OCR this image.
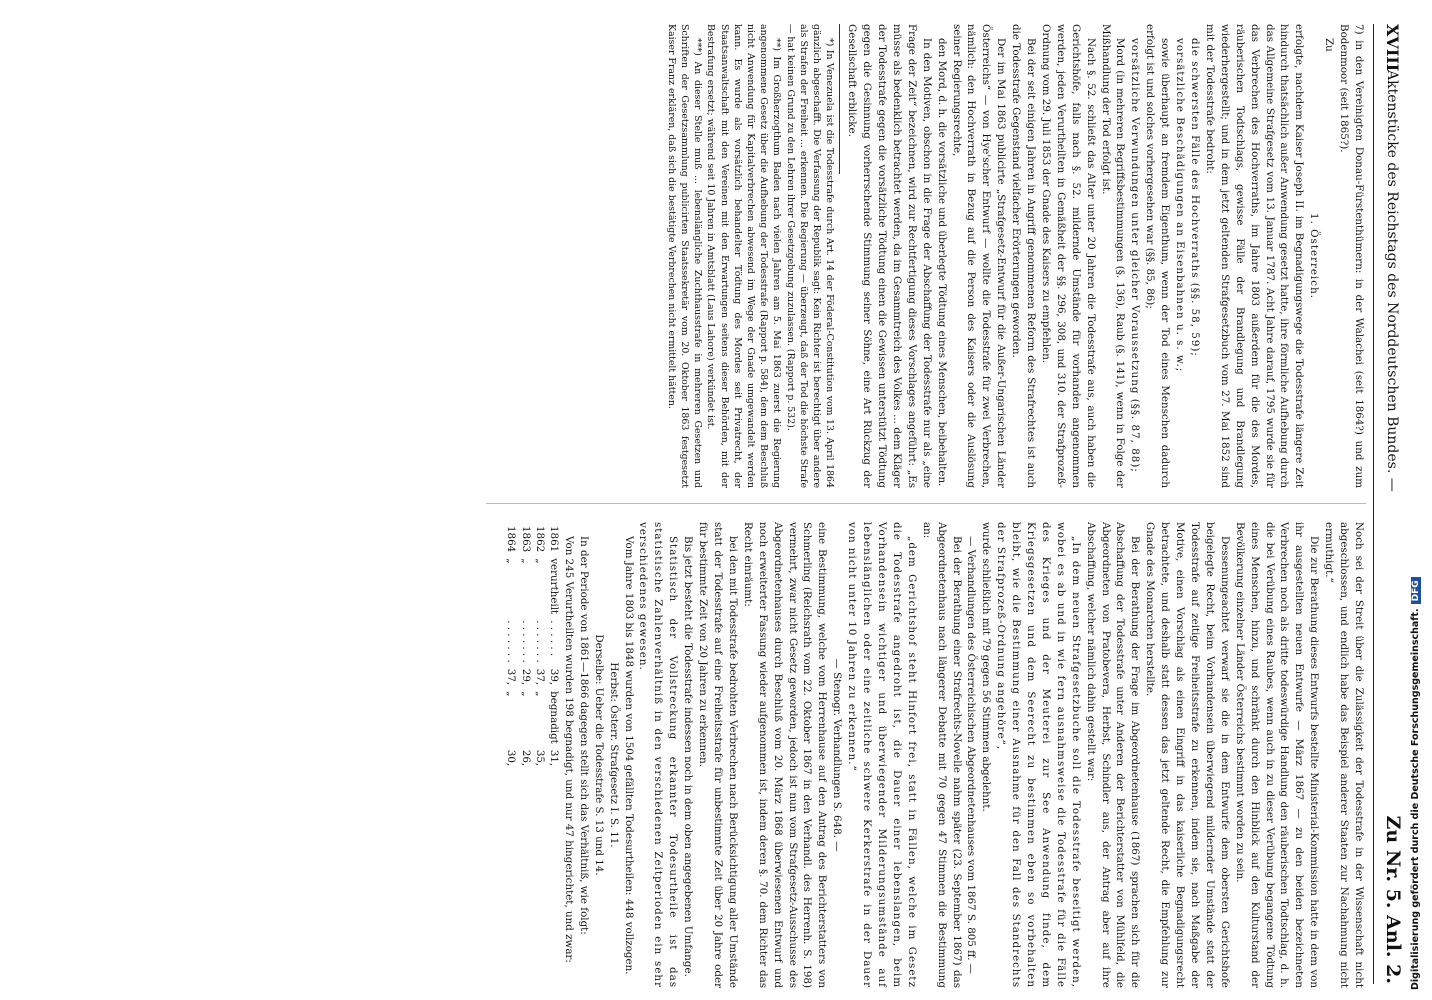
XVIII
Aktenstücke des Reichstags des Norddeutschen Bundes. —
Zu Nr. 5. Anl. 2.

7) in den Vereinigten Donau-Fürstenthümern: in der Walachei (seit 1864?) und zum Bodenmoor (seit 1865?).

Zu

1. Österreich.

erfolgte, nachdem Kaiser Joseph II. im Begnadigungswege die Todesstrafe längere Zeit hindurch thatsächlich außer Anwendung gesetzt hatte, ihre förmliche Aufhebung durch das Allgemeine Strafgesetz vom 13. Januar 1787. Acht Jahre darauf, 1795 wurde sie für das Verbrechen des Hochverraths, im Jahre 1803 außerdem für die des Mordes, räuberischen Todtschlags, gewisse Fälle der Brandlegung und Brandlegung wiederhergestellt; und in dem jetzt geltenden Strafgesetzbuch vom 27. Mai 1852 sind mit der Todesstrafe bedroht:

die schwersten Fälle des Hochverraths (§§. 58, 59);

vorsätzliche Beschädigungen an Eisenbahnen u. s. w.;

sowie überhaupt an fremdem Eigenthum, wenn der Tod eines Menschen dadurch erfolgt ist und solches vorhergesehen war (§§. 85, 86);

vorsätzliche Verwundungen unter gleicher Voraussetzung (§§. 87, 88);

Mord (in mehreren Begriffsbestimmungen (§. 136), Raub (§. 141), wenn in Folge der Mißhandlung der Tod erfolgt ist.

Nach §. 52. schließt das Alter unter 20 Jahren die Todesstrafe aus, auch haben die Gerichtshöfe, falls nach §. 52. mildernde Umstände für vorhanden angenommen werden, jeden Verurtheilten in Gemäßheit der §§. 296, 308, und 310. der Strafprozeß-Ordnung vom 29. Juli 1853 der Gnade des Kaisers zu empfehlen.

Bei der seit einigen Jahren in Angriff genommenen Reform des Strafrechtes ist auch die Todesstrafe Gegenstand vielfacher Erörterungen geworden.

Der im Mai 1863 publicirte „Strafgesetz-Entwurf für die Außer-Ungarischen Länder Österreichs“ — von Hye'scher Entwurf — wollte die Todesstrafe für zwei Verbrechen, nämlich: den Hochverrath in Bezug auf die Person des Kaisers oder die Auslösung seiner Regierungsrechte,

den Mord, d. h. die vorsätzliche und überlegte Tödtung eines Menschen, beibehalten.

In den Motiven, obschon in die Frage der Abschaffung der Todesstrafe nur als „eine Frage der Zeit“ bezeichnen, wird zur Rechtfertigung dieses Vorschlages angeführt: „Es müsse als bedenklich betrachtet werden, da im Gesammtreich des Volkes ... dem Kläger der Todesstrafe gegen die vorsätzliche Tödtung einen die Gewissen unterstützt Tödtung gegen die Gesinnung vorherrschende Stimmung seiner Söhne, eine Art Rückzug der Gesellschaft erblicke.

*) In Venezuela ist die Todesstrafe durch Art. 14 der Föderal-Constitution vom 13. April 1864 gänzlich abgeschafft. Die Verfassung der Republik sagt: Kein Richter ist berechtigt über andere als Strafen der Freiheit ... erkennen. Die Regierung — überzeugt, daß der Tod die höchste Strafe — hat keinen Grund zu den Lehren ihrer Gesetzgebung zuzulassen. (Rapport p. 532).

**) Im Großherzogthum Baden nach vielen Jahren am 5. Mai 1863 zuerst die Regierung angenommene Gesetz über die Aufhebung der Todesstrafe (Rapport p. 584), dem dem Beschluß nicht Anwendung für Kapitalverbrechen abwesend im Wege der Gnade umgewandelt werden kann. Es wurde als vorsätzlich behandelter Tödtung des Mordes seit Privatrecht, der Staatsanwaltschaft mit den Vereinen mit den Erwartungen seitens dieser Behörden, mit der Bestrafung ersetzt; während seit 10 Jahren in Amtsblatt (Laus Lahore) verkündet ist.

***) An dieser Stelle muß ... lebenslängliche Zuchthausstrafe in mehreren Gesetzen und Schriften der Gesetzsammlung publicirten Staatssekretär vom 20. Oktober 1863 festgesetzt Kaiser Franz erklären, daß sich die bestätigte Verbrechen nicht ermittelt hätten.

Noch sei der Streit über die Zulässigkeit der Todesstrafe in der Wissenschaft nicht abgeschlossen, und endlich habe das Beispiel anderer Staaten zur Nachahmung nicht ermuthigt.“

Die zur Berathung dieses Entwurfs bestellte Ministerial-Kommission hatte in dem von ihr ausgestellten neuen Entwurfe — März 1867 — zu den beiden bezeichneten Verbrechen noch als dritte todeswürdige Handlung den räuberischen Todtschlag, d. h. die bei Verübung eines Raubes, wenn auch in zu dieser Verübung begangene Tödtung eines Menschen, hinzu, und schränkt durch den Hinblick auf den Kulturstand der Bevölkerung einzelner Länder Österreichs bestimmt worden zu sein.

Dessenungeachtet verwarf sie die in dem Entwurfe dem obersten Gerichtshofe beigelegte Recht, beim Vorhandensein überwiegend mildernder Umstände statt der Todesstrafe auf zeitige Freiheitsstrafe zu erkennen, indem sie, nach Maßgabe der Motive, einen Vorschlag als einen Eingriff in das kaiserliche Begnadigungsrecht betrachtete, und deshalb statt dessen das jetzt geltende Recht, die Empfehlung zur Gnade des Monarchen herstellte.

Bei der Berathung der Frage im Abgeordnetenhause (1867) sprachen sich für die Abschaffung der Todesstrafe unter Anderen der Berichterstatter von Mühlfeld, die Abgeordneten von Pratobevera, Herbst, Schindler aus, der Antrag aber auf ihre Abschaffung, welcher nämlich dahin gestellt war:

„In dem neuen Strafgesetzbuche soll die Todesstrafe beseitigt werden, wobei es ab und in wie fern ausnahmsweise die Todesstrafe für die Fälle des Krieges und der Meuterei zur See Anwendung finde, dem Kriegsgesetzen und dem Seerecht zu bestimmen eben so vorbehalten bleibt, wie die Bestimmung einer Ausnahme für den Fall des Standrechts der Strafprozeß-Ordnung angehöre“,

wurde schließlich mit 79 gegen 56 Stimmen abgelehnt.

— Verhandlungen des Österreichischen Abgeordnetenhauses vom 1867 S. 805 ff. —

Bei der Berathung einer Strafrechts-Novelle nahm später (23. September 1867) das Abgeordnetenhaus nach längerer Debatte mit 70 gegen 47 Stimmen die Bestimmung an:

„dem Gerichtshof steht Hinfort frei, statt in Fällen, welche im Gesetz die Todesstrafe angedroht ist, die Dauer einer lebenslangen, beim Vorhandensein wichtiger und überwiegender Milderungsumstände auf lebenslänglichen oder eine zeitliche schwere Kerkerstrafe in der Dauer von nicht unter 10 Jahren zu erkennen.“

— Stenogr. Verhandlungen S. 648. —

eine Bestimmung, welche vom Herrenhause auf den Antrag des Berichterstatters von Schmerling (Reichsrath vom 22. Oktober 1867 in den Verhandl. des Herrenh. S. 198) vermehrt, zwar nicht Gesetz geworden, jedoch ist nun vom Strafgesetz-Ausschusse des Abgeordnetenhauses durch Beschluß vom 20. März 1868 überwiesenen Entwurf und noch erweiterter Fassung wieder aufgenommen ist, indem deren §. 70. dem Richter das Recht einräumt:

bei den mit Todesstrafe bedrohten Verbrechen nach Berücksichtigung aller Umstände statt der Todesstrafe auf eine Freiheitsstrafe für unbestimmte Zeit über 20 Jahre oder für bestimmte Zeit von 20 Jahren zu erkennen.

Bis jetzt besteht die Todesstrafe indessen noch in dem oben angegebenen Umfange.

Statistisch der Vollstreckung erkannter Todesurtheile ist das statistische Zahlenverhältniß in den verschiedenen Zeitperioden ein sehr verschiedenes gewesen.

Vom Jahre 1803 bis 1848 wurden von 1504 gefällten Todesurtheilen: 448 vollzogen.

Herbst: Österr. Strafgesetz I. S. 11.

Derselbe: Ueber die Todesstrafe S. 13 und 14.

In der Periode von 1861—1866 dagegen stellt sich das Verhältniß, wie folgt:

Von 245 Verurtheilten wurden 198 begnadigt, und nur 47 hingerichtet, und zwar:

1861	verurtheilt	. . . . . .	39,	begnadigt	31,
1862	„	. . . . . . .	37,	„	35,
1863	„	. . . . . . .	29,	„	26,
1864	„	. . . . . . .	37,	„	30,	Digitalisierung gefördert durch die Deutsche Forschungsgemeinschaft.DFG
